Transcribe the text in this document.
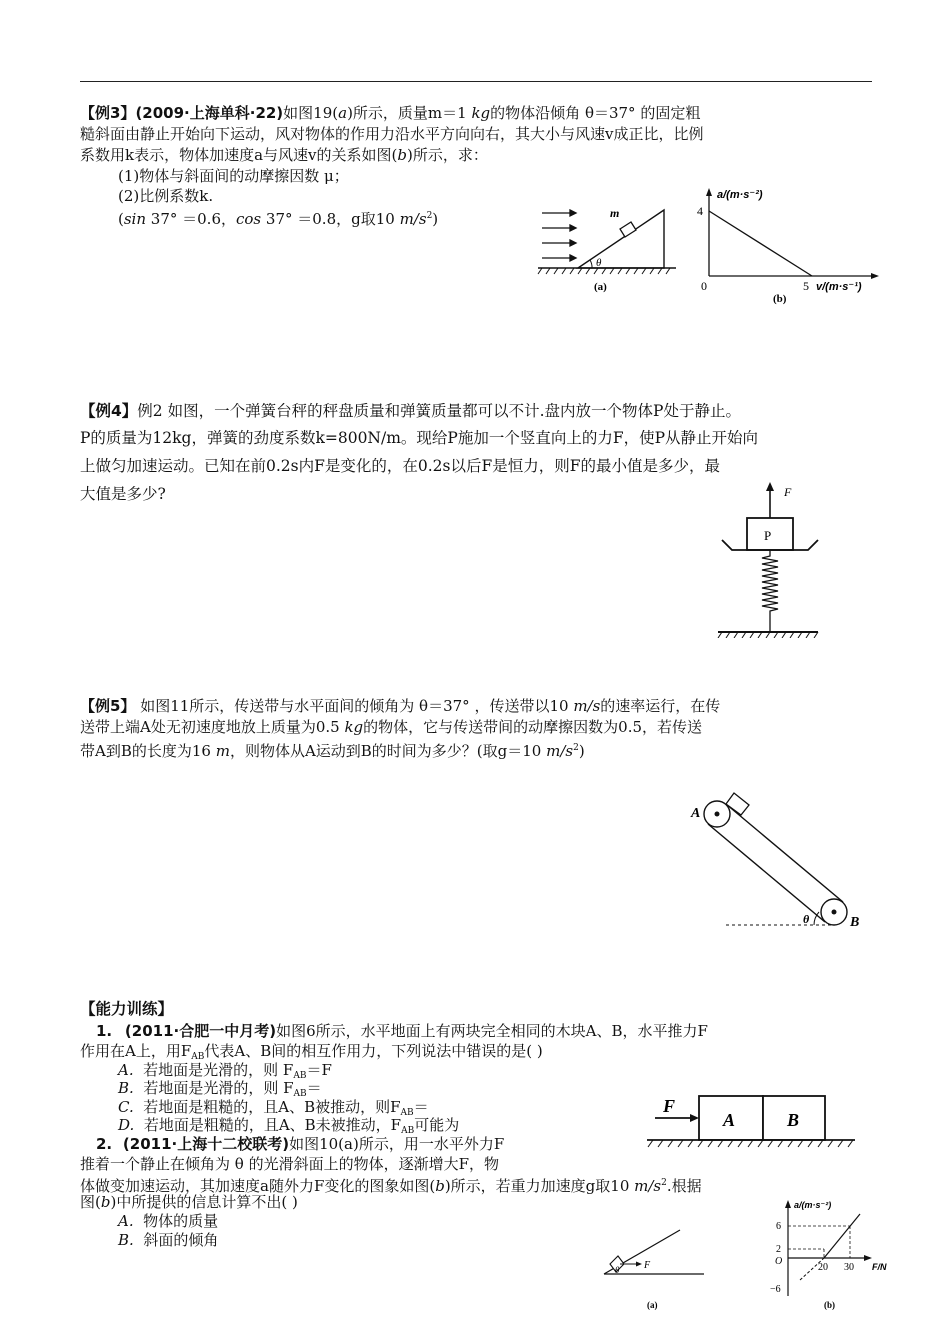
【例3】(2009·上海单科·22)如图19(a)所示，质量m＝1 kg的物体沿倾角 θ＝37° 的固定粗
糙斜面由静止开始向下运动，风对物体的作用力沿水平方向向右，其大小与风速v成正比，比例
系数用k表示，物体加速度a与风速v的关系如图(b)所示，求：
(1)物体与斜面间的动摩擦因数 μ；
(2)比例系数k.
(sin 37° ＝0.6，cos 37° ＝0.8，g取10 $m/s^2$)	m
θ
(a)
a/(m·s⁻²)
4
0	5 v/(m·s⁻¹)
(b)
【例4】例2 如图，一个弹簧台秤的秤盘质量和弹簧质量都可以不计.盘内放一个物体P处于静止。
P的质量为12kg，弹簧的劲度系数k=800N/m。现给P施加一个竖直向上的力F，使P从静止开始向
上做匀加速运动。已知在前0.2s内F是变化的，在0.2s以后F是恒力，则F的最小值是多少，最
大值是多少?	F
P
【例5】 如图11所示，传送带与水平面间的倾角为 θ＝37° ，传送带以10 m/s的速率运行，在传
送带上端A处无初速度地放上质量为0.5 kg的物体，它与传送带间的动摩擦因数为0.5，若传送
带A到B的长度为16 m，则物体从A运动到B的时间为多少？(取g＝10 $m/s^2$)
A
B
θ
【能力训练】
1. (2011·合肥一中月考)如图6所示，水平地面上有两块完全相同的木块A、B，水平推力F
作用在A上，用$F_{AB}$代表A、B间的相互作用力，下列说法中错误的是( )
A. 若地面是光滑的，则 $F_{AB}=F$
B. 若地面是光滑的，则 $F_{AB}=$
C. 若地面是粗糙的，且A、B被推动，则$F_{AB}=$
D. 若地面是粗糙的，且A、B未被推动，$F_{AB}$可能为
F
A	B
2. (2011·上海十二校联考)如图10(a)所示，用一水平外力F
推着一个静止在倾角为 θ 的光滑斜面上的物体，逐渐增大F，物
体做变加速运动，其加速度a随外力F变化的图象如图(b)所示，若重力加速度g取10 $m/s^2$.根据
图(b)中所提供的信息计算不出( )
A. 物体的质量
B. 斜面的倾角
F
θ
(a)
a/(m·s⁻²)
6
2
O
−6
20 30 F/N
(b)
